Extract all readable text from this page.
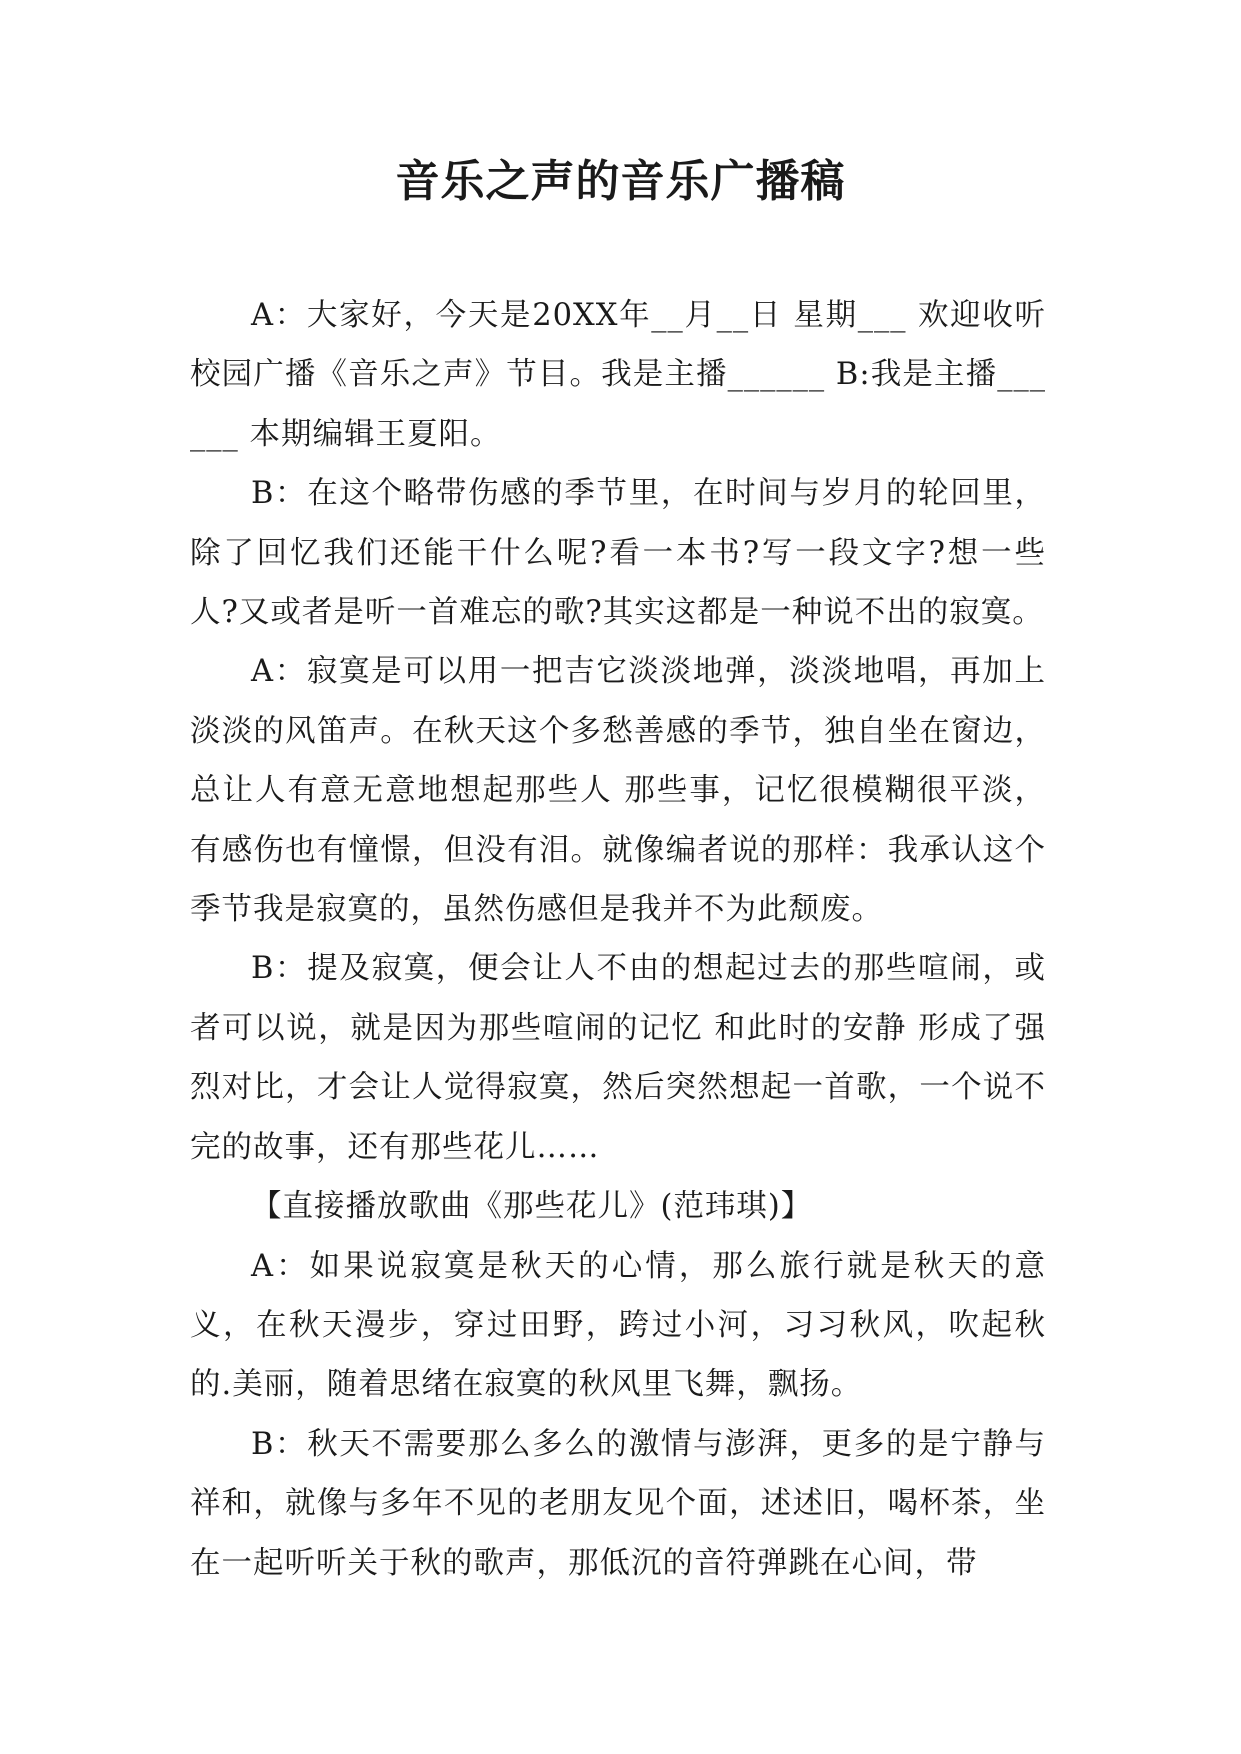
音乐之声的音乐广播稿

A：大家好，今天是20XX年__月__日 星期___ 欢迎收听校园广播《音乐之声》节目。我是主播______ B:我是主播______ 本期编辑王夏阳。

B：在这个略带伤感的季节里，在时间与岁月的轮回里，除了回忆我们还能干什么呢?看一本书?写一段文字?想一些人?又或者是听一首难忘的歌?其实这都是一种说不出的寂寞。

A：寂寞是可以用一把吉它淡淡地弹，淡淡地唱，再加上淡淡的风笛声。在秋天这个多愁善感的季节，独自坐在窗边，总让人有意无意地想起那些人 那些事，记忆很模糊很平淡，有感伤也有憧憬，但没有泪。就像编者说的那样：我承认这个季节我是寂寞的，虽然伤感但是我并不为此颓废。

B：提及寂寞，便会让人不由的想起过去的那些喧闹，或者可以说，就是因为那些喧闹的记忆 和此时的安静 形成了强烈对比，才会让人觉得寂寞，然后突然想起一首歌，一个说不完的故事，还有那些花儿……

【直接播放歌曲《那些花儿》(范玮琪)】

A：如果说寂寞是秋天的心情，那么旅行就是秋天的意义，在秋天漫步，穿过田野，跨过小河，习习秋风，吹起秋的.美丽，随着思绪在寂寞的秋风里飞舞，飘扬。

B：秋天不需要那么多么的激情与澎湃，更多的是宁静与祥和，就像与多年不见的老朋友见个面，述述旧，喝杯茶，坐在一起听听关于秋的歌声，那低沉的音符弹跳在心间，带
